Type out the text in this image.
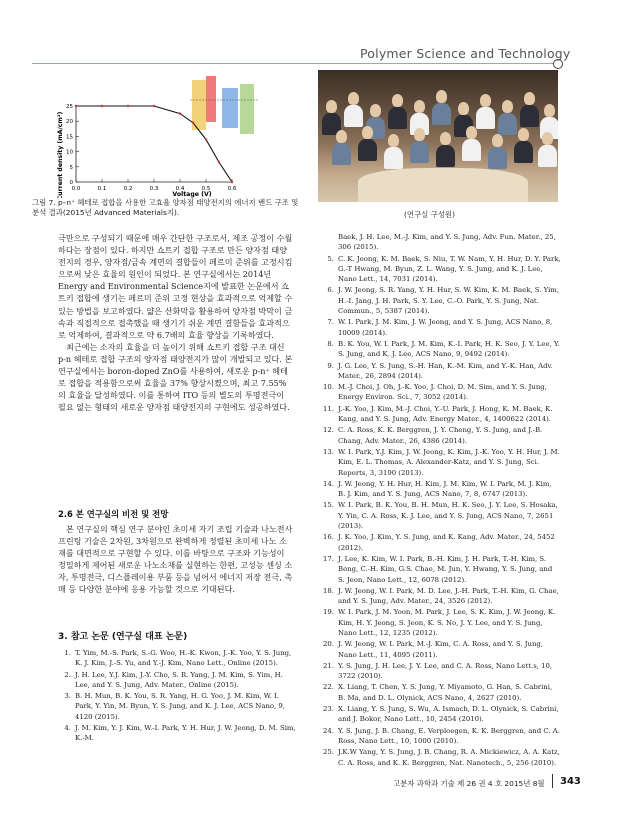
Polymer Science and Technology
0
5
10
15
20
25
0.0	0.1	0.2	0.3	0.4	0.5	0.6
Current density (mA/cm²)	Voltage (V)
그림 7. p–n⁺ 헤테로 접합을 사용한 고효율 양자점 태양전지의 에너지 밴드 구조 및 분석 결과(2015년 Advanced Materials지).	(연구실 구성원)

극만으로 구성되기 때문에 매우 간단한 구조로서, 제조 공정이 수월하다는 장점이 있다. 하지만 쇼트키 접합 구조로 만든 양자점 태양전지의 경우, 양자점/금속 계면의 결합들이 페르미 준위를 고정시킴으로써 낮은 효율의 원인이 되었다. 본 연구실에서는 2014년 Energy and Environmental Science지에 발표한 논문에서 쇼트키 접합에 생기는 페르미 준위 고정 현상을 효과적으로 억제할 수 있는 방법을 보고하였다. 얇은 산화막을 활용하여 양자점 박막이 금속과 직접적으로 접촉했을 때 생기기 쉬운 계면 결함들을 효과적으로 억제하여, 결과적으로 약 6.7배의 효율 향상을 기록하였다.

최근에는 소자의 효율을 더 높이기 위해 쇼트키 접합 구조 대신 p-n 헤테로 접합 구조의 양자점 태양전지가 많이 개발되고 있다. 본 연구실에서는 boron-doped ZnO를 사용하여, 새로운 p-n⁺ 헤테로 접합을 적용함으로써 효율을 37% 향상시켰으며, 최고 7.55%의 효율을 달성하였다. 이를 통하여 ITO 등의 별도의 투명전극이 필요 없는 형태의 새로운 양자점 태양전지의 구현에도 성공하였다.

2.6 본 연구실의 비전 및 전망

본 연구실의 핵심 연구 분야인 초미세 자기 조립 기술과 나노전사 프린팅 기술은 2차원, 3차원으로 완벽하게 정렬된 초미세 나노 소재를 대면적으로 구현할 수 있다. 이를 바탕으로 구조와 기능성이 정밀하게 제어된 새로운 나노소재를 실현하는 한편, 고성능 센싱 소자, 투명전극, 디스플레이용 부품 등을 넘어서 에너지 저장 전극, 촉매 등 다양한 분야에 응용 가능할 것으로 기대된다.

3. 참고 논문 (연구실 대표 논문)
1. T. Yim, M.-S. Park, S.-G. Woo, H.-K. Kwon, J.-K. Yoo, Y. S. Jung, K. J. Kim, J.-S. Yu, and Y.-J. Kim, Nano Lett., Online (2015).
2. J. H. Lee, Y.J. Kim, J.-Y. Cho, S. R. Yang, J. M. Kim, S. Yim, H. Lee, and Y. S. Jung, Adv. Mater., Online (2015).
3. B. H. Mun, B. K. You, S. R. Yang, H. G. Yoo, J. M. Kim, W. I. Park, Y. Yin, M. Byun, Y. S. Jung, and K. J. Lee, ACS Nano, 9, 4120 (2015).
4. J. M. Kim, Y. J. Kim, W.-I. Park, Y. H. Hur, J. W. Jeong, D. M. Sim, K.-M.
Baek, J. H. Lee, M.-J. Kim, and Y. S. Jung, Adv. Fun. Mater., 25, 306 (2015).
5. C. K. Jeong, K. M. Baek, S. Niu, T. W. Nam, Y. H. Hur, D. Y. Park, G.-T Hwang, M. Byun, Z. L. Wang, Y. S. Jung, and K. J. Lee, Nano Lett., 14, 7031 (2014).
6. J. W. Jeong, S. R. Yang, Y. H. Hur, S. W. Kim, K. M. Baek, S. Yim, H.-I. Jang, J. H. Park, S. Y. Lee, C.-O. Park, Y. S. Jung, Nat. Commun., 5, 5387 (2014).
7. W. I. Park, J. M. Kim, J. W. Jeong, and Y. S. Jung, ACS Nano, 8, 10009 (2014).
8. B. K. You, W. I. Park, J. M. Kim, K.-I. Park, H. K. Seo, J. Y. Lee, Y. S. Jung, and K. J. Lee, ACS Nano, 9, 9492 (2014).
9. J. G. Lee, Y. S. Jung, S.-H. Han, K.-M. Kim, and Y.-K. Han, Adv. Mater., 26, 2894 (2014).
10. M.-J. Choi, J. Oh, J.-K. Yoo, J. Choi, D. M. Sim, and Y. S. Jung, Energy Environ. Sci., 7, 3052 (2014).
11. J.-K. Yoo, J. Kim, M.-J. Choi, Y.-U. Park, J. Hong, K. M. Baek, K. Kang, and Y. S. Jung, Adv. Energy Mater., 4, 1400622 (2014).
12. C. A. Ross, K. K. Berggren, J. Y. Cheng, Y. S. Jung, and J.-B. Chang, Adv. Mater., 26, 4386 (2014).
13. W. I. Park, Y.J. Kim, J. W. Jeong, K. Kim, J.-K. Yoo, Y. H. Hur, J. M. Kim, E. L. Thomas, A. Alexander-Katz, and Y. S. Jung, Sci. Reports, 3, 3190 (2013).
14. J. W. Jeong, Y. H. Hur, H. Kim, J. M. Kim, W. I. Park, M. J. Kim, B. J. Kim, and Y. S. Jung, ACS Nano, 7, 8, 6747 (2013).
15. W. I. Park, B. K. You, B. H. Mun, H. K. Seo, J. Y. Lee, S. Hosaka, Y. Yin, C. A. Ross, K. J. Lee, and Y. S. Jung, ACS Nano, 7, 2651 (2013).
16. J. K. Yoo, J. Kim, Y. S. Jung, and K. Kang, Adv. Mater., 24, 5452 (2012).
17. J. Lee, K. Kim, W. I. Park, B.-H. Kim, J. H. Park, T.-H. Kim, S. Bong, C.-H. Kim, G.S. Chae, M. Jun, Y. Hwang, Y. S. Jung, and S. Jeon, Nano Lett., 12, 6078 (2012).
18. J. W. Jeong, W. I. Park, M. D. Lee, J.-H. Park, T.-H. Kim, G. Chae, and Y. S. Jung, Adv. Mater., 24, 3526 (2012).
19. W. I. Park, J. M. Yoon, M. Park, J. Lee, S. K. Kim, J. W. Jeong, K. Kim, H. Y. Jeong, S. Jeon, K. S. No, J. Y. Lee, and Y. S. Jung, Nano Lett., 12, 1235 (2012).
20. J. W. Jeong, W. I. Park, M.-J. Kim, C. A. Ross, and Y. S. Jung, Nano Lett., 11, 4095 (2011).
21. Y. S. Jung, J. H. Lee, J. Y. Lee, and C. A. Ross, Nano Lett.s, 10, 3722 (2010).
22. X. Liang, T. Chen, Y. S. Jung, Y. Miyamoto, G. Han, S. Cabrini, B. Ma, and D. L. Olynick, ACS Nano, 4, 2627 (2010).
23. X. Liang, Y. S. Jung, S. Wu, A. Ismach, D. L. Olynick, S. Cabrini, and J. Bokor, Nano Lett., 10, 2454 (2010).
24. Y. S. Jung, J. B. Chang, E. Verploegen, K. K. Berggren, and C. A. Ross, Nano Lett., 10, 1000 (2010).
25. J.K.W Yang, Y. S. Jung, J. B. Chang, R. A. Mickiewicz, A. A. Katz, C. A. Ross, and K. K. Berggren, Nat. Nanotech., 5, 256 (2010).
고분자 과학과 기술 제 26 권 4 호 2015년 8월 343
